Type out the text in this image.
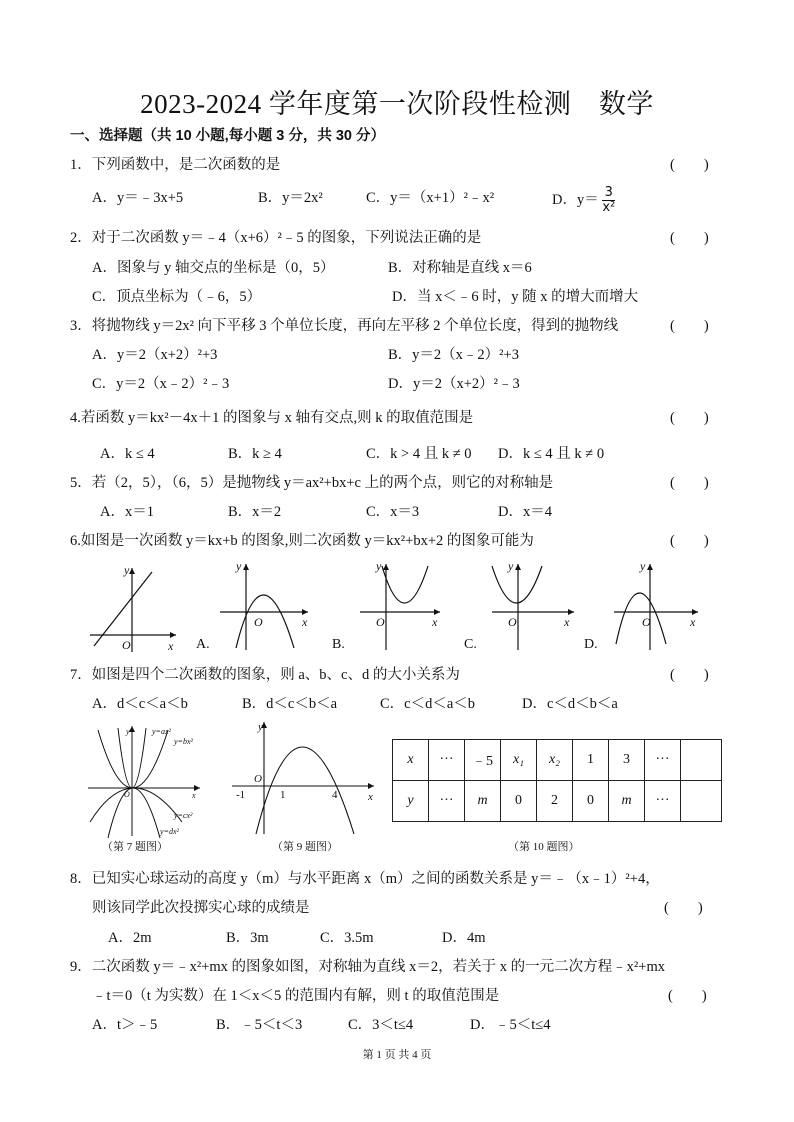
2023-2024 学年度第一次阶段性检测　数学
一、选择题（共 10 小题,每小题 3 分，共 30 分）
1．下列函数中，是二次函数的是	(　　)
A．y＝﹣3x+5	B．y＝2x²	C．y＝（x+1）²﹣x²	D．$y= \frac{3}{\text{x²}}$
2．对于二次函数 y＝﹣4（x+6）²﹣5 的图象，下列说法正确的是	(　　)
A．图象与 y 轴交点的坐标是（0，5）	B．对称轴是直线 x＝6
C．顶点坐标为（﹣6，5）	D．当 x＜﹣6 时，y 随 x 的增大而增大
3．将抛物线 y＝2x² 向下平移 3 个单位长度，再向左平移 2 个单位长度，得到的抛物线	(　　)
A．y＝2（x+2）²+3	B．y＝2（x﹣2）²+3
C．y＝2（x﹣2）²﹣3	D．y＝2（x+2）²﹣3
4.若函数 y＝kx²－4x＋1 的图象与 x 轴有交点,则 k 的取值范围是	(　　)
A．k ≤ 4	B．k ≥ 4	C．k > 4 且 k ≠ 0 D．k ≤ 4 且 k ≠ 0
5．若（2，5），（6，5）是抛物线 y＝ax²+bx+c 上的两个点，则它的对称轴是	(　　)
A．x＝1	B．x＝2	C．x＝3	D．x＝4
6.如图是一次函数 y＝kx+b 的图象,则二次函数 y＝kx²+bx+2 的图象可能为	(　　)
y
x
O
y
x
O
y
x
O
y
x
O
y
x
O
A.	B.	C.	D.
7．如图是四个二次函数的图象，则 a、b、c、d 的大小关系为	(　　)
A．d＜c＜a＜b	B．d＜c＜b＜a	C．c＜d＜a＜b	D．c＜d＜b＜a
y=ax²
y=bx²
y=cx²
y=dx²
y
x
O
（第 7 题图）
y
x
O
-1	1	4
（第 9 题图）
x	···	﹣5	x₁	x₂	1	3	···	
y	···	m	0	2	0	m	···	
（第 10 题图）
8．已知实心球运动的高度 y（m）与水平距离 x（m）之间的函数关系是 y＝﹣（x﹣1）²+4，
则该同学此次投掷实心球的成绩是	(　　)
A．2m	B．3m	C．3.5m	D．4m
9．二次函数 y＝﹣x²+mx 的图象如图，对称轴为直线 x＝2，若关于 x 的一元二次方程﹣x²+mx
﹣t＝0（t 为实数）在 1＜x＜5 的范围内有解，则 t 的取值范围是	(　　)
A．t＞﹣5	B．﹣5＜t＜3	C．3＜t≤4	D．﹣5＜t≤4
第 1 页 共 4 页
